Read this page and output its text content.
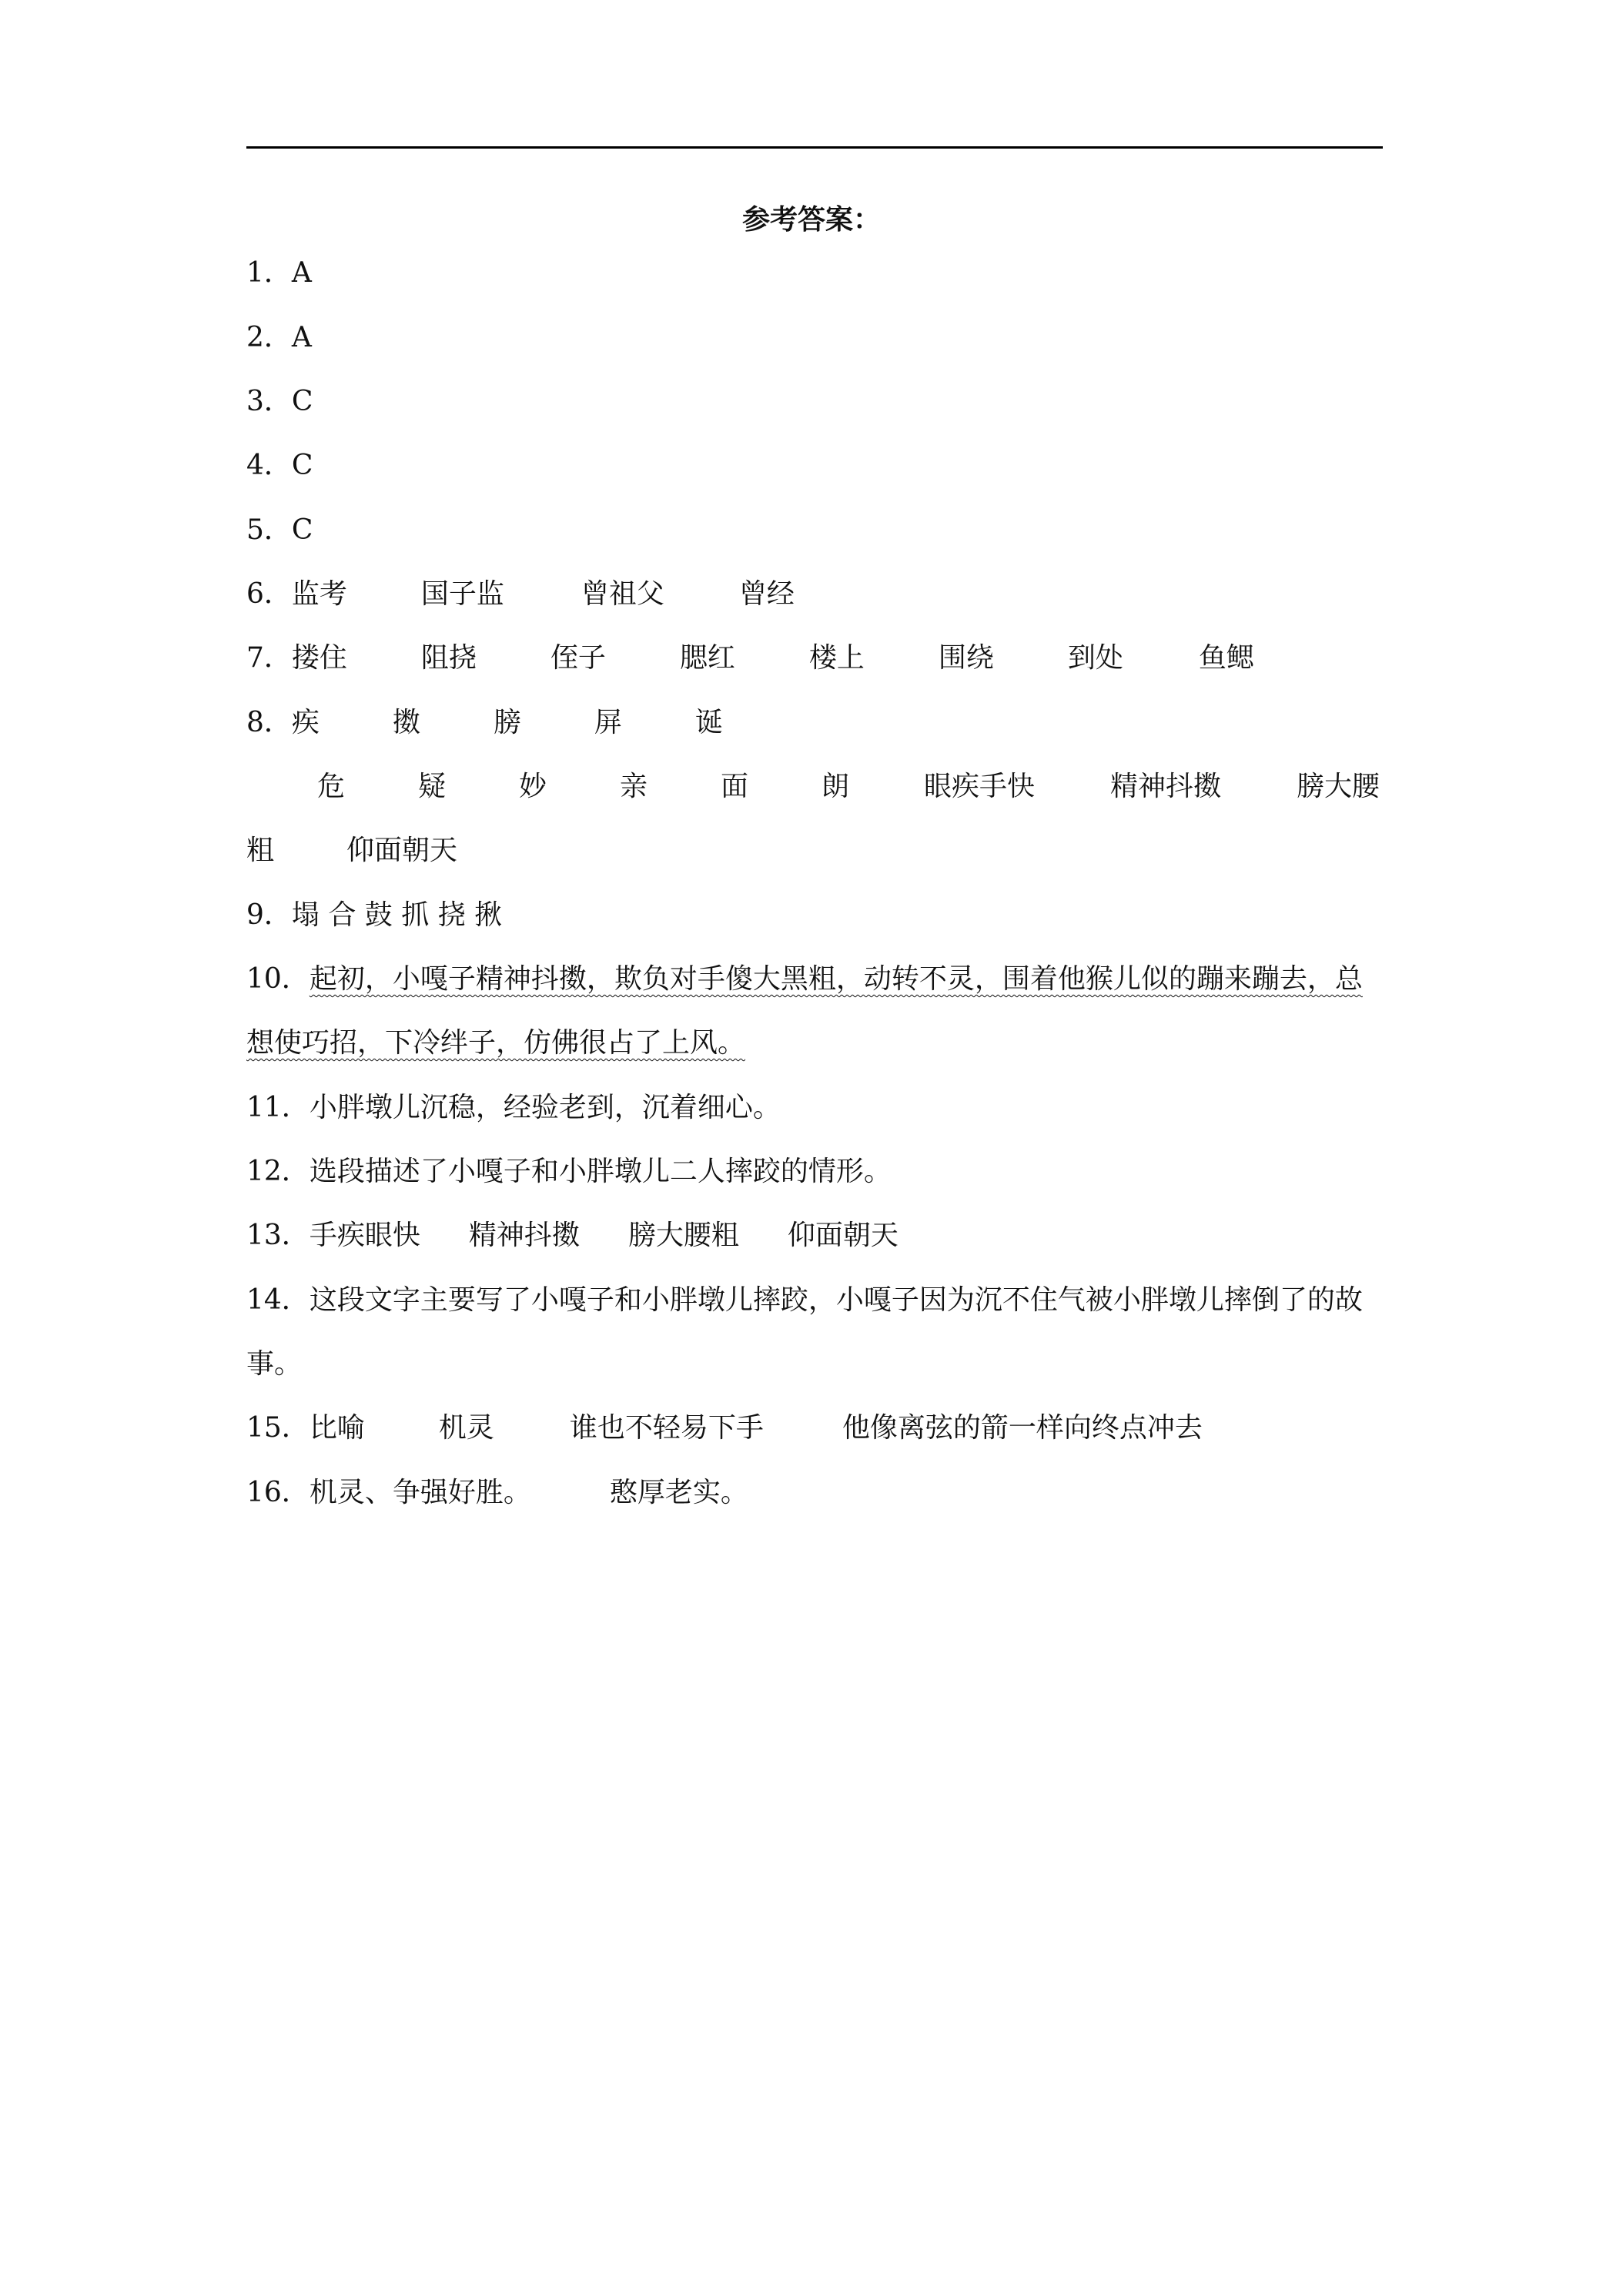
参考答案：
1．A
2．A
3．C
4．C
5．C
6．监考	国子监	曾祖父	曾经
7．搂住	阻挠	侄子	腮红	楼上	围绕	到处	鱼鳃
8．疾	擞	膀	屏	诞
危	疑	妙	亲	面	朗	眼疾手快	精神抖擞	膀大腰
粗	仰面朝天
9．塌 合 鼓 抓 挠 揪
10．起初，小嘎子精神抖擞，欺负对手傻大黑粗，动转不灵，围着他猴儿似的蹦来蹦去，总
想使巧招，下冷绊子，仿佛很占了上风。
11．小胖墩儿沉稳，经验老到，沉着细心。
12．选段描述了小嘎子和小胖墩儿二人摔跤的情形。
13．手疾眼快 精神抖擞 膀大腰粗 仰面朝天
14．这段文字主要写了小嘎子和小胖墩儿摔跤，小嘎子因为沉不住气被小胖墩儿摔倒了的故
事。
15．比喻	机灵	谁也不轻易下手	他像离弦的箭一样向终点冲去
16．机灵、争强好胜。	憨厚老实。
